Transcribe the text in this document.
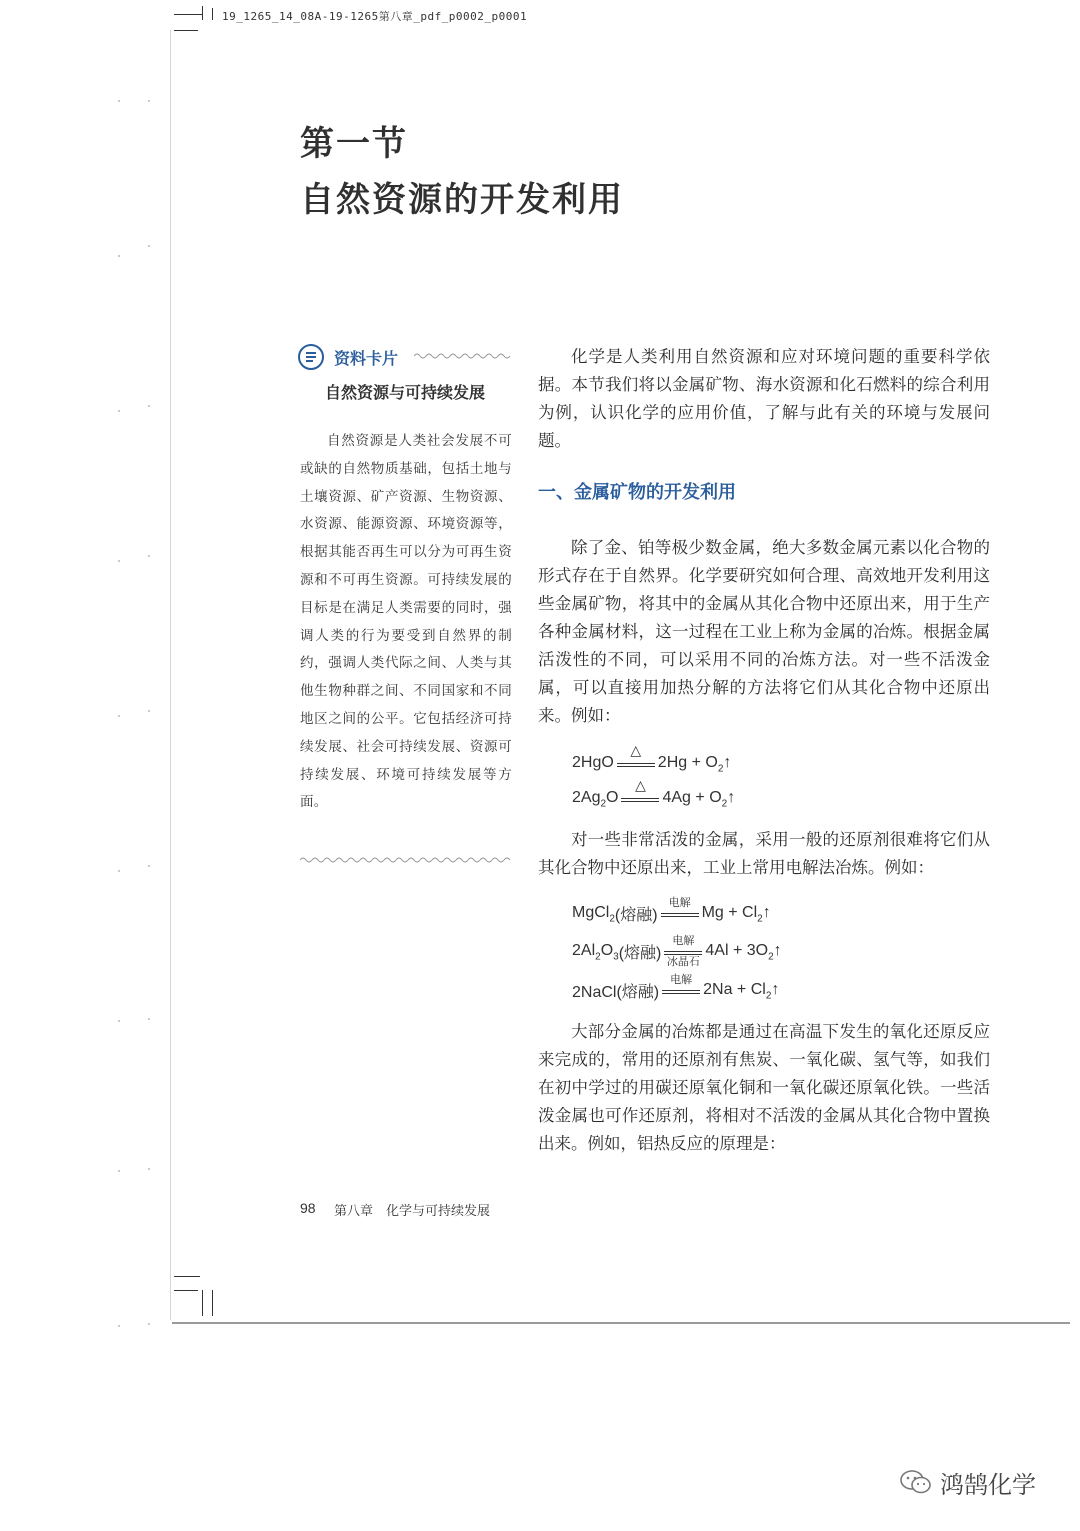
19_1265_14_08A-19-1265第八章_pdf_p0002_p0001
第一节
自然资源的开发利用
资料卡片
自然资源与可持续发展

自然资源是人类社会发展不可或缺的自然物质基础，包括土地与土壤资源、矿产资源、生物资源、水资源、能源资源、环境资源等，根据其能否再生可以分为可再生资源和不可再生资源。可持续发展的目标是在满足人类需要的同时，强调人类的行为要受到自然界的制约，强调人类代际之间、人类与其他生物种群之间、不同国家和不同地区之间的公平。它包括经济可持续发展、社会可持续发展、资源可持续发展、环境可持续发展等方面。

化学是人类利用自然资源和应对环境问题的重要科学依据。本节我们将以金属矿物、海水资源和化石燃料的综合利用为例，认识化学的应用价值，了解与此有关的环境与发展问题。

一、金属矿物的开发利用

除了金、铂等极少数金属，绝大多数金属元素以化合物的形式存在于自然界。化学要研究如何合理、高效地开发利用这些金属矿物，将其中的金属从其化合物中还原出来，用于生产各种金属材料，这一过程在工业上称为金属的冶炼。根据金属活泼性的不同，可以采用不同的冶炼方法。对一些不活泼金属，可以直接用加热分解的方法将它们从其化合物中还原出来。例如：

2HgO
△
$2Hg + O_2↑$
$2Ag_2O$
△
$4Ag + O_2↑$

对一些非常活泼的金属，采用一般的还原剂很难将它们从其化合物中还原出来，工业上常用电解法冶炼。例如：

MgCl$_2$(熔融)
电解
$Mg + Cl_2↑$
$2Al_2O_3$(熔融)
电解
冰晶石
$4Al + 3O_2↑$
2NaCl(熔融)
电解
$2Na + Cl_2↑$

大部分金属的冶炼都是通过在高温下发生的氧化还原反应来完成的，常用的还原剂有焦炭、一氧化碳、氢气等，如我们在初中学过的用碳还原氧化铜和一氧化碳还原氧化铁。一些活泼金属也可作还原剂，将相对不活泼的金属从其化合物中置换出来。例如，铝热反应的原理是：

98 第八章　化学与可持续发展
鸿鹄化学
